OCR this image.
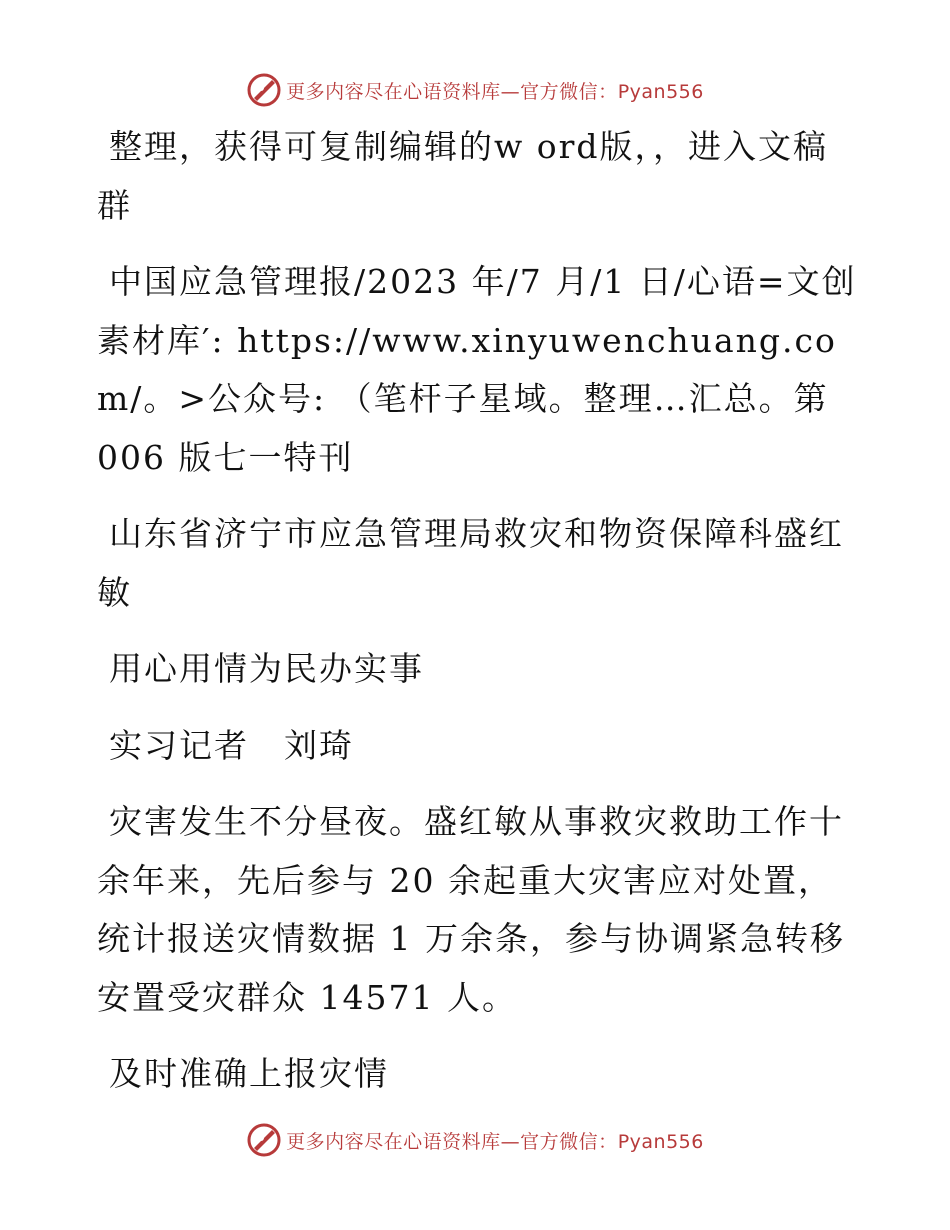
更多内容尽在心语资料库—官方微信：Pyan556

整理，获得可复制编辑的w ord版，，进入文稿群

中国应急管理报/2023 年/7 月/1 日/心语=文创素材库′: https://www.xinyuwenchuang.com/。>公众号: （笔杆子星域。整理…汇总。第 006 版七一特刊

山东省济宁市应急管理局救灾和物资保障科盛红敏

用心用情为民办实事

实习记者　刘琦

灾害发生不分昼夜。盛红敏从事救灾救助工作十余年来，先后参与 20 余起重大灾害应对处置，统计报送灾情数据 1 万余条，参与协调紧急转移安置受灾群众 14571 人。

及时准确上报灾情

更多内容尽在心语资料库—官方微信：Pyan556
